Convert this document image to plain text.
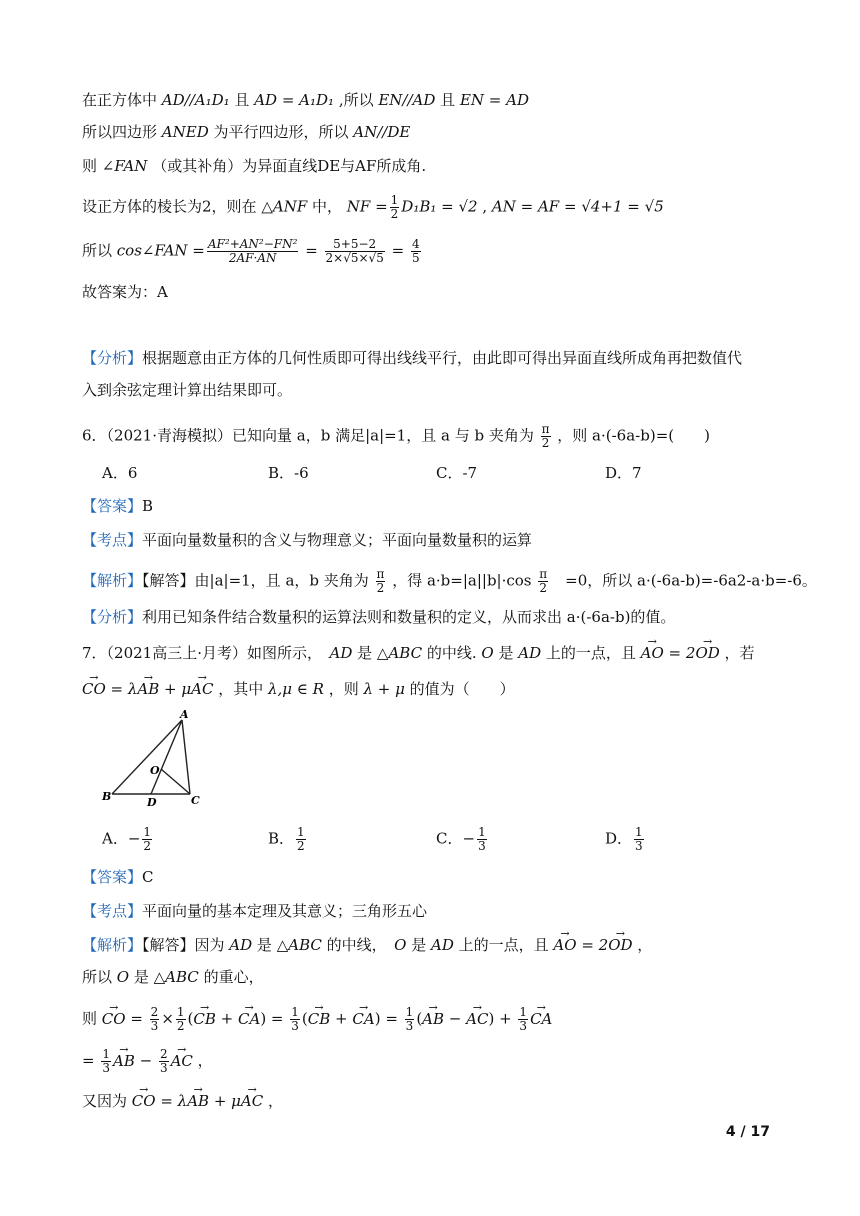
在正方体中 AD//A₁D₁ 且 AD = A₁D₁ ,所以 EN//AD 且 EN = AD
所以四边形 ANED 为平行四边形，所以 AN//DE
则 ∠FAN （或其补角）为异面直线DE与AF所成角.
设正方体的棱长为2，则在 △ANF 中， NF = $\frac{1}{2} D_1B_1 = √2$ , AN = AF = √4+1 = √5
所以 cos∠FAN = $\frac{\text{AF²+AN²−FN²}}{2AF\cdot AN} = \frac{5+5-2}{2\times√5\times√5} = \frac{4}{5}$
故答案为：A
【分析】根据题意由正方体的几何性质即可得出线线平行，由此即可得出异面直线所成角再把数值代
入到余弦定理计算出结果即可。
6．（2021·青海模拟）已知向量 a，b 满足|a|=1，且 a 与 b 夹角为 $\frac{\pi}{2}$ ，则 a·(-6a-b)=(　　)
A．6	B．-6	C．-7	D．7
【答案】B
【考点】平面向量数量积的含义与物理意义；平面向量数量积的运算
【解析】【解答】由|a|=1，且 a，b 夹角为 $\frac{\pi}{2}$ ，得 $a\cdot b=|a||b|\cdot\cos \frac{\pi}{2}$ 　=0，所以 a·(-6a-b)=-6a2-a·b=-6。
【分析】利用已知条件结合数量积的运算法则和数量积的定义，从而求出 a·(-6a-b)的值。
7．（2021高三上·月考）如图所示，　AD 是 △ABC 的中线. O 是 AD 上的一点，且 → AO = 2→ OD ，若
→ CO = λ→ AB + μ→ AC ，其中 λ,μ ∈ R ，则 λ + μ 的值为（　　）
A
B	C
D
O
A．− $\frac{1}{2}$	B． $\frac{1}{2}$	C．− $\frac{1}{3}$	D． $\frac{1}{3}$
【答案】C
【考点】平面向量的基本定理及其意义；三角形五心
【解析】【解答】因为 AD 是 △ABC 的中线，　O 是 AD 上的一点，且 → AO = 2→ OD ，
所以 O 是 △ABC 的重心，
则 → CO = $\frac{2}{3} \times \frac{1}{2}$ (→ CB + → $CA) = \frac{1}{3}$ (→ CB + → $CA) = \frac{1}{3}$ (→ AB − → $AC) + \frac{1}{3}$ → CA
= $\frac{1}{3}$ → AB − $\frac{2}{3}$ → AC ，
又因为 → CO = λ→ AB + μ→ AC ，
4 / 17
